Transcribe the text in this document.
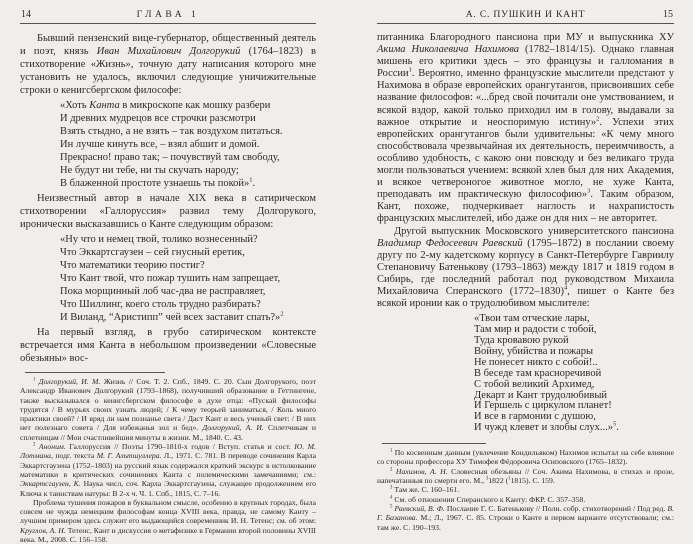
14	ГЛАВА 1

Бывший пензенский вице-губернатор, общественный деятель и поэт, князь Иван Михайлович Долгорукий (1764–1823) в стихотворение «Жизнь», точную дату написания которого мне установить не удалось, включил следующие уничижительные строки о кенигсбергском философе:

«Хоть Канта в микроскопе как мошку разбери
И древних мудрецов все строчки разсмотри
Взять стыдно, а не взять – так воздухом питаться.
Ин лучше кинуть все, – взял абшит и домой.
Прекрасно! право так; – почувствуй там свободу,
Не будут ни тебе, ни ты скучать народу;
В блаженной простоте узнаешь ты покой»$^1$.

Неизвестный автор в начале XIX века в сатирическом стихотворении «Галлоруссия» развил тему Долгорукого, иронически высказавшись о Канте следующим образом:

«Ну что и немец твой, толико вознесенный?
Что Эккартсгаузен – сей гнусный еретик,
Что математики теорию постиг?
Что Кант твой, что пожар тушить нам запрещает,
Пока морщинный лоб час-два не расправляет,
Что Шиллинг, коего столь трудно разбирать?
И Виланд, “Аристипп” чей всех заставит спать?»$^2$

На первый взгляд, в грубо сатирическом контексте встречается имя Канта в небольшом произведении «Словесные обезьяны» вос-

$^1$ Долгорукий, И. М. Жизнь // Соч. Т. 2. Спб., 1849. С. 20. Сын Долгорукого, поэт Александр Иванович Долгорукий (1793–1868), получивший образование в Геттингене, также высказывался о кенигсбергском философе в духе отца: «Пускай философы трудятся / В мурьях своих узнать людей; / К чему теорьей заниматься, / Коль много практики своей? / И вряд ли нам познанье света / Даст Кант и весь ученый свет: / В них нет полезнаго совета / Для избежанья зол и бед». Долгорукий, А. И. Сплетчикам и сплетницам // Мои счастливейшия минуты в жизни. М., 1840. С. 43.

$^2$ Аноним. Галлоруссия // Поэты 1790–1810-х годов / Вступ. статья и сост. Ю. М. Лотмана, подг. текста М. Г. Альтшуллера. Л., 1971. С. 781. В переводе сочинения Карла Эккартсгаузена (1752–1803) на русский язык содержался краткий экскурс в истолкование математики в критических сочинениях Канта с полемическими замечаниями; см.: Эккартсгаузен, К. Наука числ, соч. Карла Эккартсгаузена, служащее продолжением его Ключа к таинствам натуры: В 2-х ч. Ч. 1. Спб., 1815, С. 7–16.

Проблема тушения пожаров в буквальном смысле, особенно в крупных городах, была совсем не чужда немецким философам конца XVIII века, правда, не самому Канту – лучшим примером здесь служит его выдающийся современник И. Н. Тетенс; см. об этом: Круглов, А. Н. Тетенс, Кант и дискуссия о метафизике в Германии второй половины XVIII века. М., 2008. С. 156–158.

А. С. ПУШКИН И КАНТ	15

питанника Благородного пансиона при МУ и выпускника ХУ Акима Николаевича Нахимова (1782–1814/15). Однако главная мишень его критики здесь – это французы и галломания в России$^1$. Вероятно, именно французские мыслители предстают у Нахимова в образе европейских орангутангов, присвоивших себе название философов: «...бред свой почитали оне умствованием, и всякой вздор, какой только приходил им в голову, выдавали за важное открытие и неоспоримую истину»$^2$. Успехи этих европейских орангутангов были удивительны: «К чему много способствовала чрезвычайная их деятельность, переимчивость, а особливо удобность, с какою они повсюду и без великаго труда могли пользоваться учением: всякой хлев был для них Академия, и всякое четвероногое животное могло, не хуже Канта, преподавать им практическую философию»$^3$. Таким образом, Кант, похоже, подчеркивает наглость и нахрапистость французских мыслителей, ибо даже он для них – не авторитет.

Другой выпускник Московского университетского пансиона Владимир Федосеевич Раевский (1795–1872) в послании своему другу по 2-му кадетскому корпусу в Санкт-Петербурге Гавриилу Степановичу Батенькову (1793–1863) между 1817 и 1819 годом в Сибирь, где последний работал под руководством Михаила Михайловича Сперанского (1772–1830)$^4$, пишет о Канте без всякой иронии как о трудолюбивом мыслителе:

«Твои там отческие лары,
Там мир и радости с тобой,
Туда кровавою рукой
Войну, убийства и пожары
Не понесет никто с собой!..
В беседе там красноречивой
С тобой великий Архимед,
Декарт и Кант трудолюбивый
И Гершель с циркулом планет!
И все в гармонии с душою,
И чужд клевет и злобы слух...»$^5$.

$^1$ По косвенным данным (увлечение Кондильяком) Нахимов испытал на себе влияние со стороны профессора ХУ Тимофея Фёдоровича Осиповского (1765–1832).

$^2$ Нахимов, А. Н. Словесныя обезьяны // Соч. Акима Нахимова, в стихах и прозе, напечатанныя по смерти его. М., $^3$1822 ($^1$1815). С. 159.

$^3$ Там же. С. 160–161.

$^4$ См. об отношении Сперанского к Канту: ФКР. С. 357–358.

$^5$ Раевский, В. Ф. Послание Г. С. Батенькову // Полн. собр. стихотворений / Под ред. В. Г. Базанова. М.; Л., 1967. С. 85. Строки о Канте в первом варианте отсутствовали; см.: там же. С. 190–193.
